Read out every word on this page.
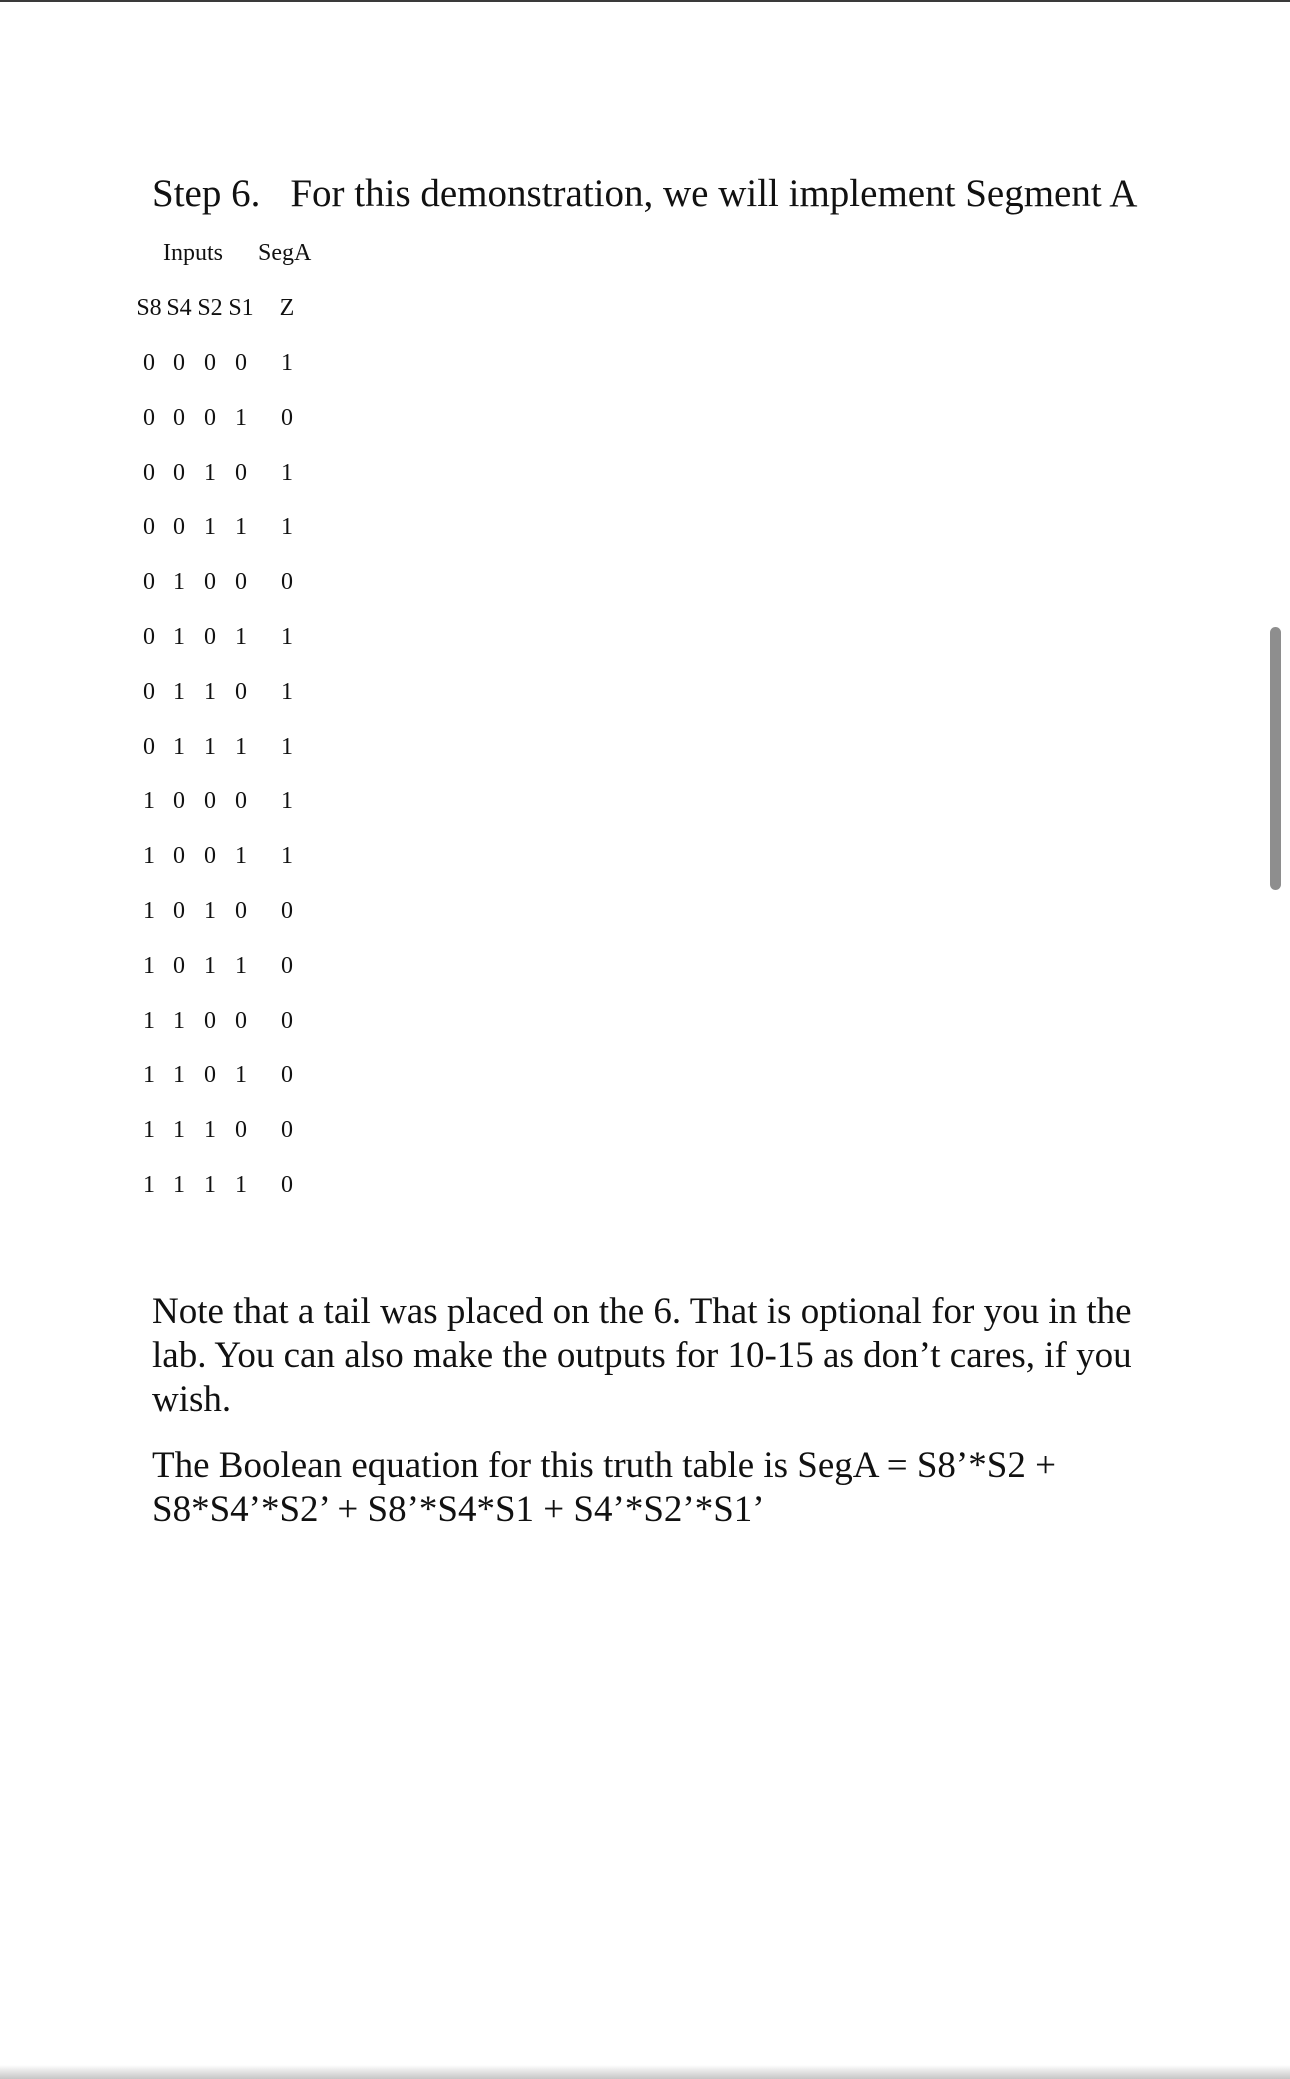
Step 6. For this demonstration, we will implement Segment A
Inputs SegA
S8 S4 S2 S1 Z
0 0 0 0 1
0 0 0 1 0
0 0 1 0 1
0 0 1 1 1
0 1 0 0 0
0 1 0 1 1
0 1 1 0 1
0 1 1 1 1
1 0 0 0 1
1 0 0 1 1
1 0 1 0 0
1 0 1 1 0
1 1 0 0 0
1 1 0 1 0
1 1 1 0 0
1 1 1 1 0

Note that a tail was placed on the 6. That is optional for you in the lab. You can also make the outputs for 10-15 as don’t cares, if you wish.

The Boolean equation for this truth table is SegA = S8’*S2 + S8*S4’*S2’ + S8’*S4*S1 + S4’*S2’*S1’
